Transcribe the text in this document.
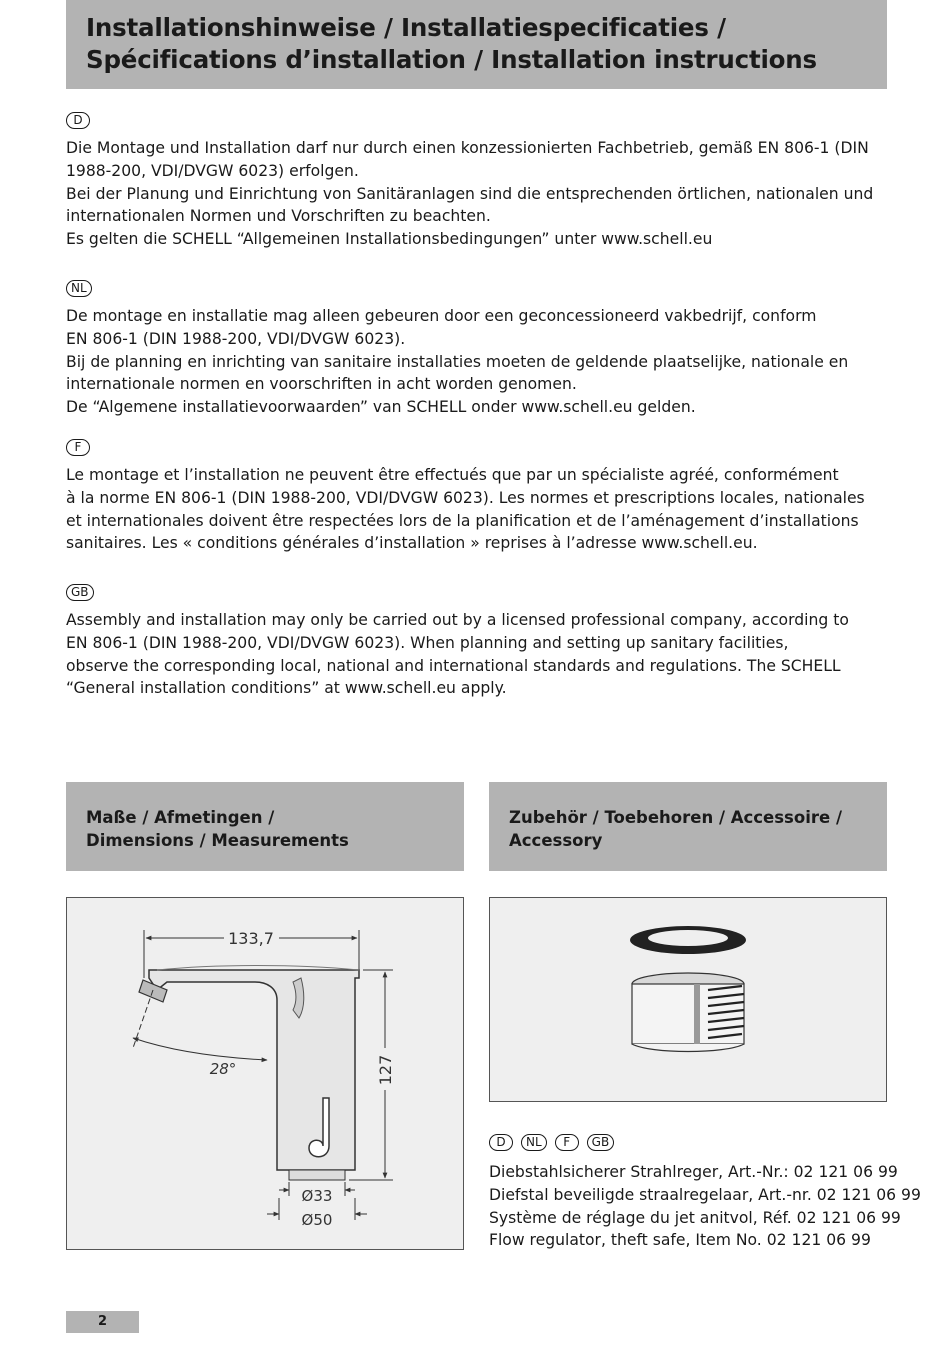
Installationshinweise / Installatiespecificaties / Spécifications d’installation / Installation instructions
D

Die Montage und Installation darf nur durch einen konzessionierten Fachbetrieb, gemäß EN 806-1 (DIN
1988-200, VDI/DVGW 6023) erfolgen.
Bei der Planung und Einrichtung von Sanitäranlagen sind die entsprechenden örtlichen, nationalen und
internationalen Normen und Vorschriften zu beachten.
Es gelten die SCHELL “Allgemeinen Installationsbedingungen” unter www.schell.eu

NL

De montage en installatie mag alleen gebeuren door een geconcessioneerd vakbedrijf, conform
EN 806-1 (DIN 1988-200, VDI/DVGW 6023).
Bij de planning en inrichting van sanitaire installaties moeten de geldende plaatselijke, nationale en
internationale normen en voorschriften in acht worden genomen.
De “Algemene installatievoorwaarden” van SCHELL onder www.schell.eu gelden.

F

Le montage et l’installation ne peuvent être effectués que par un spécialiste agréé, conformément
à la norme EN 806-1 (DIN 1988-200, VDI/DVGW 6023). Les normes et prescriptions locales, nationales
et internationales doivent être respectées lors de la planification et de l’aménagement d’installations
sanitaires. Les « conditions générales d’installation » reprises à l’adresse www.schell.eu.

GB

Assembly and installation may only be carried out by a licensed professional company, according to
EN 806-1 (DIN 1988-200, VDI/DVGW 6023). When planning and setting up sanitary facilities,
observe the corresponding local, national and international standards and regulations. The SCHELL
“General installation conditions” at www.schell.eu apply.

Maße / Afmetingen /
Dimensions / Measurements
Zubehör / Toebehoren / Accessoire /
Accessory
133,7
28°	127
Ø33
Ø50
D	NL	F	GB
Diebstahlsicherer Strahlreger, Art.-Nr.: 02 121 06 99
Diefstal beveiligde straalregelaar, Art.-nr. 02 121 06 99
Système de réglage du jet anitvol, Réf. 02 121 06 99
Flow regulator, theft safe, Item No. 02 121 06 99
2
